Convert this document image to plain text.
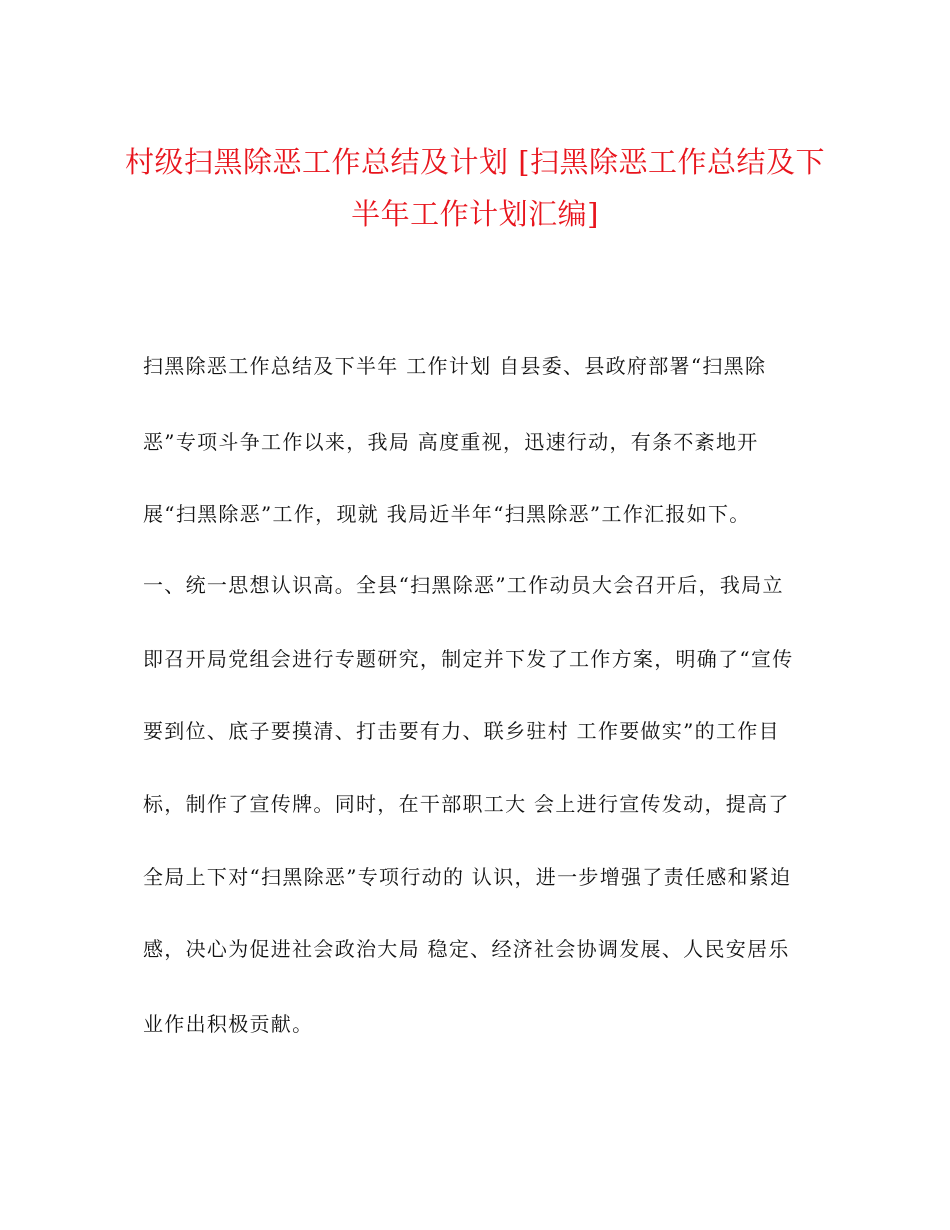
村级扫黑除恶工作总结及计划 [扫黑除恶工作总结及下
半年工作计划汇编]
扫黑除恶工作总结及下半年 工作计划 自县委、县政府部署“扫黑除
恶”专项斗争工作以来，我局 高度重视，迅速行动，有条不紊地开
展“扫黑除恶”工作，现就 我局近半年“扫黑除恶”工作汇报如下。
一、统一思想认识高。全县“扫黑除恶”工作动员大会召开后，我局立
即召开局党组会进行专题研究，制定并下发了工作方案，明确了“宣传
要到位、底子要摸清、打击要有力、联乡驻村 工作要做实”的工作目
标，制作了宣传牌。同时，在干部职工大 会上进行宣传发动，提高了
全局上下对“扫黑除恶”专项行动的 认识，进一步增强了责任感和紧迫
感，决心为促进社会政治大局 稳定、经济社会协调发展、人民安居乐
业作出积极贡献。
